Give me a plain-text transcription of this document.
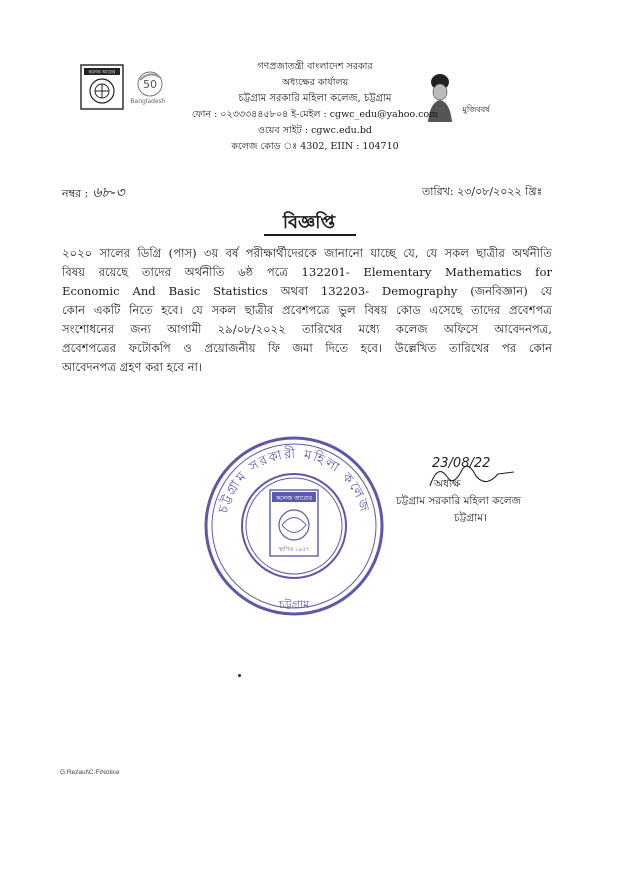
কলেজ আরোর
50
Bangladesh
মুজিববর্ষ
গণপ্রজাতন্ত্রী বাংলাদেশ সরকার
অধ্যক্ষের কার্যালয়
চট্টগ্রাম সরকারি মহিলা কলেজ, চট্টগ্রাম
ফোন : ০২৩৩৩৪৪৫৮০৪ ই-মেইল : cgwc_edu@yahoo.com
ওয়েব সাইট : cgwc.edu.bd
কলেজ কোড ঃ 4302, EIIN : 104710
নম্বর : ৬৮-৩	তারিখ: ২৩/০৮/২০২২ খ্রিঃ
বিজ্ঞপ্তি
২০২০ সালের ডিগ্রি (পাস) ৩য় বর্ষ পরীক্ষার্থীদেরকে জানানো যাচ্ছে যে, যে সকল ছাত্রীর অর্থনীতি
বিষয় রয়েছে তাদের অর্থনীতি ৬ষ্ঠ পত্রে 132201- Elementary Mathematics for
Economic And Basic Statistics অথবা 132203- Demography (জনবিজ্ঞান) যে
কোন একটি নিতে হবে। যে সকল ছাত্রীর প্রবেশপত্রে ভুল বিষয় কোড এসেছে তাদের প্রবেশপত্র
সংশোধনের জন্য আগামী ২৯/০৮/২০২২ তারিখের মধ্যে কলেজ অফিসে আবেদনপত্র,
প্রবেশপত্রের ফটোকপি ও প্রয়োজনীয় ফি জমা দিতে হবে। উল্লেখিত তারিখের পর কোন
আবেদনপত্র গ্রহণ করা হবে না।
চট্টগ্রাম সরকারী মহিলা কলেজ
চট্টগ্রাম
কলেজ আরোর
স্থাপিত ১৯৫৭
23/08/22
অধ্যক্ষ
চট্টগ্রাম সরকারি মহিলা কলেজ
চট্টগ্রাম।
G:Rezaul\C.F\Notice
